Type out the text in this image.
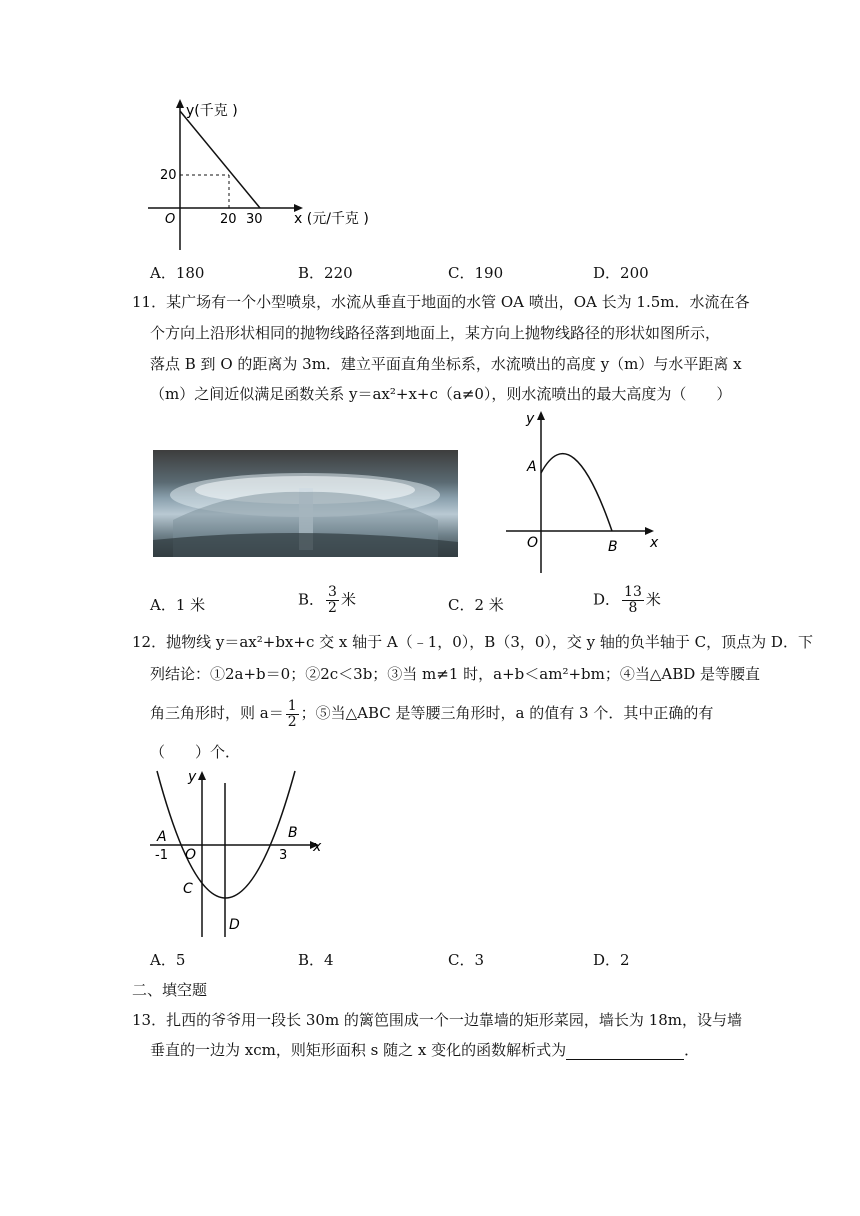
y(千克 )
20
O	20 30 x (元/千克 )
A．180	B．220	C．190	D．200
11．某广场有一个小型喷泉，水流从垂直于地面的水管 OA 喷出，OA 长为 1.5m．水流在各
个方向上沿形状相同的抛物线路径落到地面上，某方向上抛物线路径的形状如图所示，
落点 B 到 O 的距离为 3m．建立平面直角坐标系，水流喷出的高度 y（m）与水平距离 x
（m）之间近似满足函数关系 y＝ax²+x+c（a≠0），则水流喷出的最大高度为（　　）
y
A
O	B x
A．1 米	B． $\frac{3}{2}$ 米	C．2 米	D． $\frac{13}{8}$ 米
12．抛物线 y＝ax²+bx+c 交 x 轴于 A（﹣1，0），B（3，0），交 y 轴的负半轴于 C，顶点为 D．下
列结论：①2a+b＝0；②2c＜3b；③当 m≠1 时，a+b＜am²+bm；④当△ABD 是等腰直
角三角形时，则 $a= \frac{1}{2}$ ；⑤当△ABC 是等腰三角形时，a 的值有 3 个．其中正确的有
（　　）个．
y
A
-1 O
B
3
x
C
D
A．5	B．4	C．3	D．2
二、填空题
13．扎西的爷爷用一段长 30m 的篱笆围成一个一边靠墙的矩形菜园，墙长为 18m，设与墙
垂直的一边为 xcm，则矩形面积 s 随之 x 变化的函数解析式为	．
